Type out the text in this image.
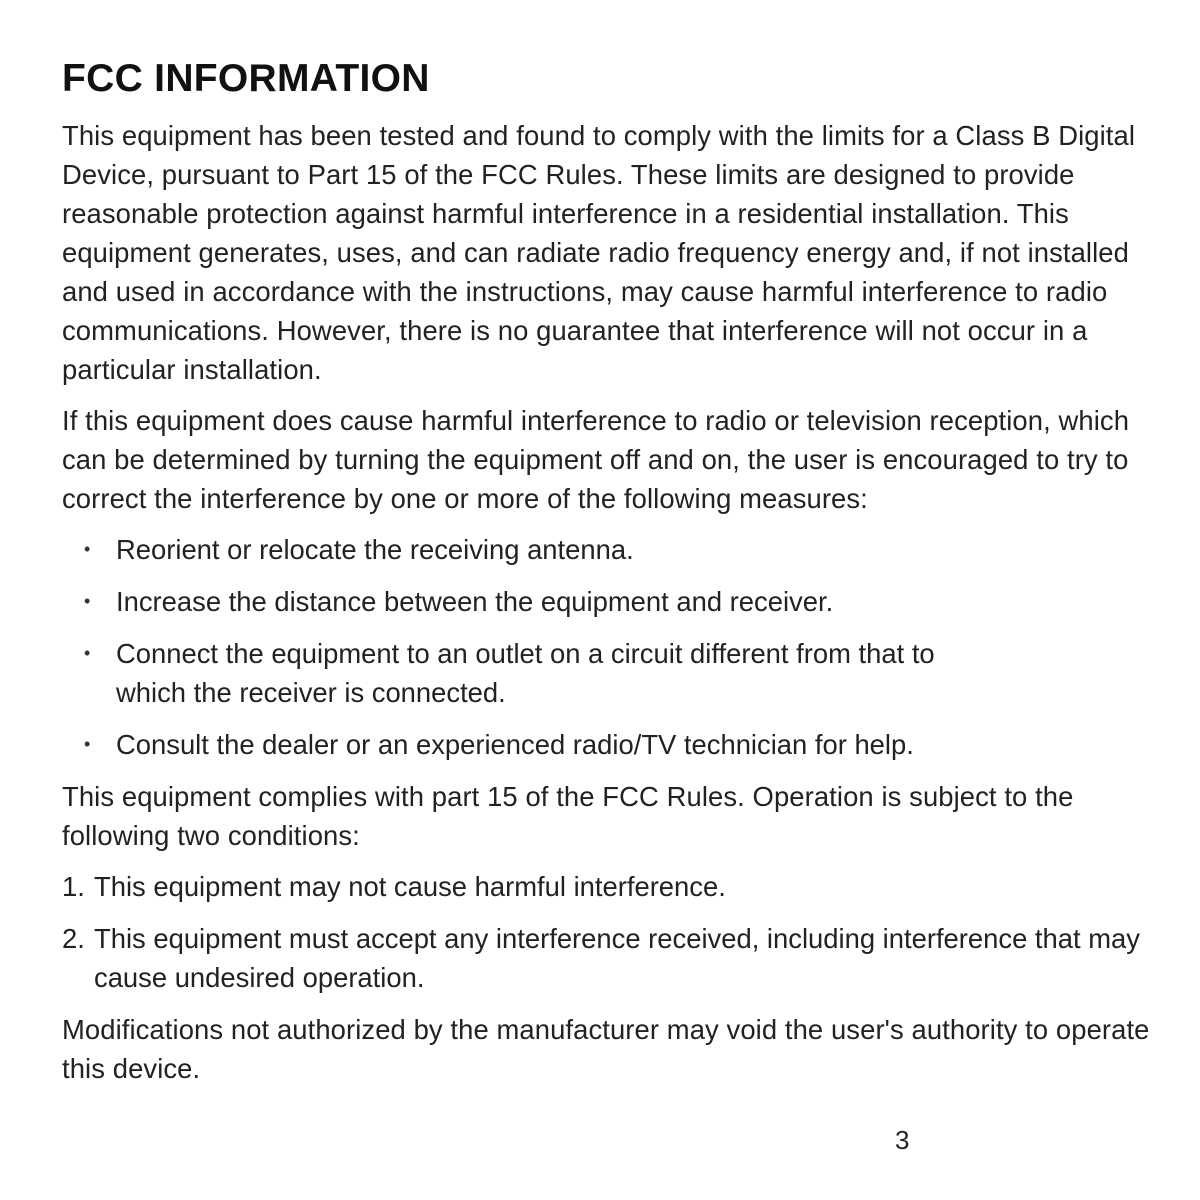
FCC INFORMATION

This equipment has been tested and found to comply with the limits for a Class B Digital Device, pursuant to Part 15 of the FCC Rules. These limits are designed to provide reasonable protection against harmful interference in a residential installation. This equipment generates, uses, and can radiate radio frequency energy and, if not installed and used in accordance with the instructions, may cause harmful interference to radio communications. However, there is no guarantee that interference will not occur in a particular installation.

If this equipment does cause harmful interference to radio or television reception, which can be determined by turning the equipment off and on, the user is encouraged to try to correct the interference by one or more of the following measures:

• Reorient or relocate the receiving antenna.
• Increase the distance between the equipment and receiver.
• Connect the equipment to an outlet on a circuit different from that to which the receiver is connected.
• Consult the dealer or an experienced radio/TV technician for help.

This equipment complies with part 15 of the FCC Rules. Operation is subject to the following two conditions:

1. This equipment may not cause harmful interference.
2. This equipment must accept any interference received, including interference that may cause undesired operation.

Modifications not authorized by the manufacturer may void the user's authority to operate this device.

3
